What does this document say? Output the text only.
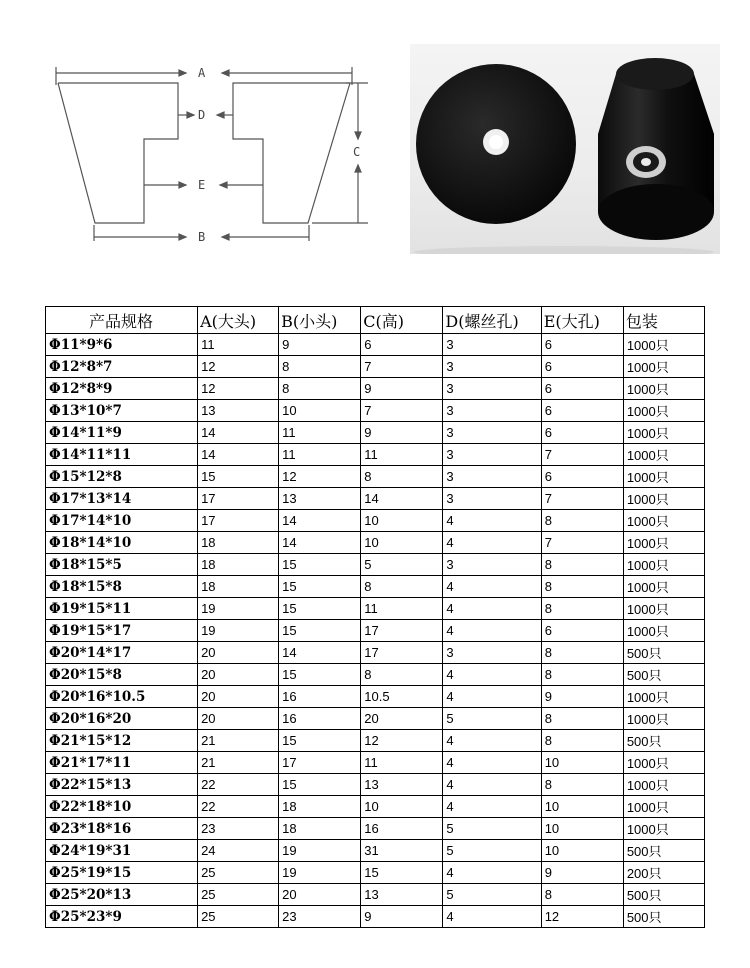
A
D
E
B
C
产品规格	A(大头)	B(小头)	C(高)	D(螺丝孔)	E(大孔)	包装
Φ11*9*6	11	9	6	3	6	1000只
Φ12*8*7	12	8	7	3	6	1000只
Φ12*8*9	12	8	9	3	6	1000只
Φ13*10*7	13	10	7	3	6	1000只
Φ14*11*9	14	11	9	3	6	1000只
Φ14*11*11	14	11	11	3	7	1000只
Φ15*12*8	15	12	8	3	6	1000只
Φ17*13*14	17	13	14	3	7	1000只
Φ17*14*10	17	14	10	4	8	1000只
Φ18*14*10	18	14	10	4	7	1000只
Φ18*15*5	18	15	5	3	8	1000只
Φ18*15*8	18	15	8	4	8	1000只
Φ19*15*11	19	15	11	4	8	1000只
Φ19*15*17	19	15	17	4	6	1000只
Φ20*14*17	20	14	17	3	8	500只
Φ20*15*8	20	15	8	4	8	500只
Φ20*16*10.5	20	16	10.5	4	9	1000只
Φ20*16*20	20	16	20	5	8	1000只
Φ21*15*12	21	15	12	4	8	500只
Φ21*17*11	21	17	11	4	10	1000只
Φ22*15*13	22	15	13	4	8	1000只
Φ22*18*10	22	18	10	4	10	1000只
Φ23*18*16	23	18	16	5	10	1000只
Φ24*19*31	24	19	31	5	10	500只
Φ25*19*15	25	19	15	4	9	200只
Φ25*20*13	25	20	13	5	8	500只
Φ25*23*9	25	23	9	4	12	500只
